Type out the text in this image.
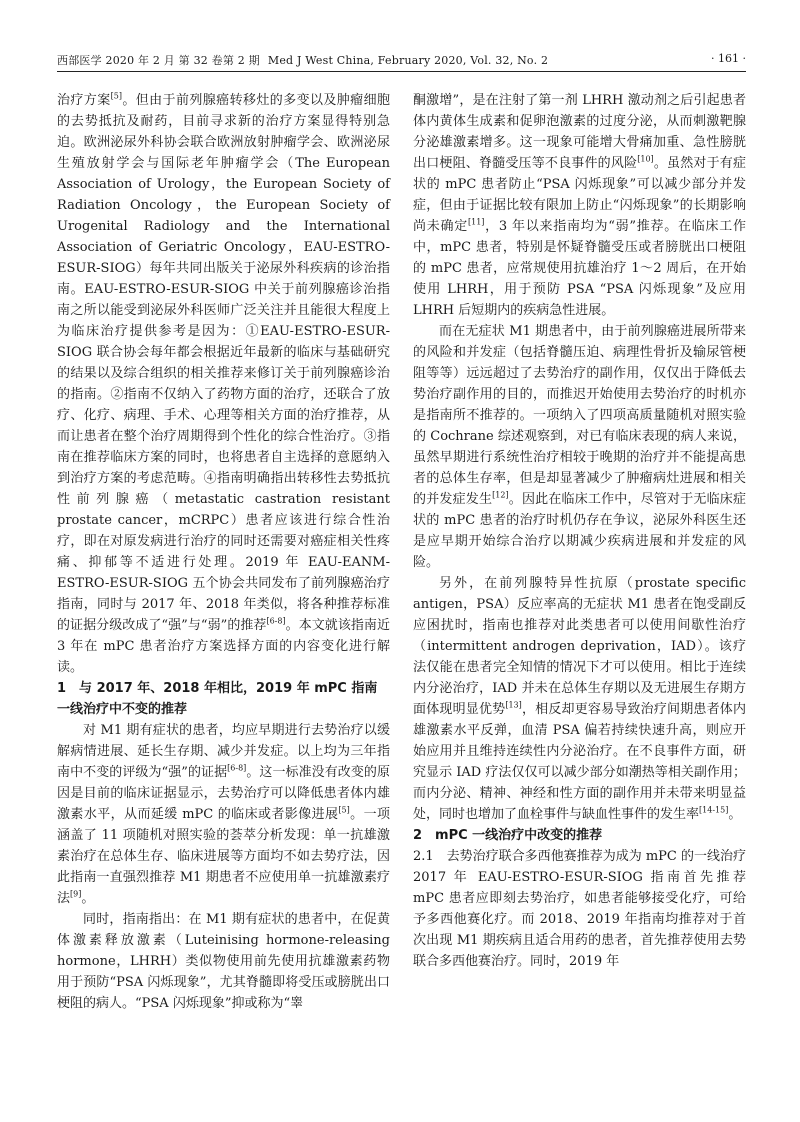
西部医学 2020 年 2 月 第 32 卷第 2 期 Med J West China, February 2020, Vol. 32, No. 2	· 161 ·

治疗方案[5]。但由于前列腺癌转移灶的多变以及肿瘤细胞的去势抵抗及耐药，目前寻求新的治疗方案显得特别急迫。欧洲泌尿外科协会联合欧洲放射肿瘤学会、欧洲泌尿生殖放射学会与国际老年肿瘤学会（The European Association of Urology，the European Society of Radiation Oncology，the European Society of Urogenital Radiology and the International Association of Geriatric Oncology，EAU-ESTRO-ESUR-SIOG）每年共同出版关于泌尿外科疾病的诊治指南。EAU-ESTRO-ESUR-SIOG 中关于前列腺癌诊治指南之所以能受到泌尿外科医师广泛关注并且能很大程度上为临床治疗提供参考是因为：①EAU-ESTRO-ESUR-SIOG 联合协会每年都会根据近年最新的临床与基础研究的结果以及综合组织的相关推荐来修订关于前列腺癌诊治的指南。②指南不仅纳入了药物方面的治疗，还联合了放疗、化疗、病理、手术、心理等相关方面的治疗推荐，从而让患者在整个治疗周期得到个性化的综合性治疗。③指南在推荐临床方案的同时，也将患者自主选择的意愿纳入到治疗方案的考虑范畴。④指南明确指出转移性去势抵抗性前列腺癌（metastatic castration resistant prostate cancer，mCRPC）患者应该进行综合性治疗，即在对原发病进行治疗的同时还需要对癌症相关性疼痛、抑郁等不适进行处理。2019 年 EAU-EANM-ESTRO-ESUR-SIOG 五个协会共同发布了前列腺癌治疗指南，同时与 2017 年、2018 年类似，将各种推荐标准的证据分级改成了“强”与“弱”的推荐[6-8]。本文就该指南近 3 年在 mPC 患者治疗方案选择方面的内容变化进行解读。

1　与 2017 年、2018 年相比，2019 年 mPC 指南一线治疗中不变的推荐

对 M1 期有症状的患者，均应早期进行去势治疗以缓解病情进展、延长生存期、减少并发症。以上均为三年指南中不变的评级为“强”的证据[6-8]。这一标准没有改变的原因是目前的临床证据显示，去势治疗可以降低患者体内雄激素水平，从而延缓 mPC 的临床或者影像进展[5]。一项涵盖了 11 项随机对照实验的荟萃分析发现：单一抗雄激素治疗在总体生存、临床进展等方面均不如去势疗法，因此指南一直强烈推荐 M1 期患者不应使用单一抗雄激素疗法[9]。

同时，指南指出：在 M1 期有症状的患者中，在促黄体激素释放激素（Luteinising hormone-releasing hormone，LHRH）类似物使用前先使用抗雄激素药物用于预防“PSA 闪烁现象”，尤其脊髓即将受压或膀胱出口梗阻的病人。“PSA 闪烁现象”抑或称为“睾

酮激增”，是在注射了第一剂 LHRH 激动剂之后引起患者体内黄体生成素和促卵泡激素的过度分泌，从而刺激靶腺分泌雄激素增多。这一现象可能增大骨痛加重、急性膀胱出口梗阻、脊髓受压等不良事件的风险[10]。虽然对于有症状的 mPC 患者防止“PSA 闪烁现象”可以减少部分并发症，但由于证据比较有限加上防止“闪烁现象”的长期影响尚未确定[11]，3 年以来指南均为“弱”推荐。在临床工作中，mPC 患者，特别是怀疑脊髓受压或者膀胱出口梗阻的 mPC 患者，应常规使用抗雄治疗 1～2 周后，在开始使用 LHRH，用于预防 PSA “PSA 闪烁现象”及应用 LHRH 后短期内的疾病急性进展。

而在无症状 M1 期患者中，由于前列腺癌进展所带来的风险和并发症（包括脊髓压迫、病理性骨折及输尿管梗阻等等）远远超过了去势治疗的副作用，仅仅出于降低去势治疗副作用的目的，而推迟开始使用去势治疗的时机亦是指南所不推荐的。一项纳入了四项高质量随机对照实验的 Cochrane 综述观察到，对已有临床表现的病人来说，虽然早期进行系统性治疗相较于晚期的治疗并不能提高患者的总体生存率，但是却显著减少了肿瘤病灶进展和相关的并发症发生[12]。因此在临床工作中，尽管对于无临床症状的 mPC 患者的治疗时机仍存在争议，泌尿外科医生还是应早期开始综合治疗以期减少疾病进展和并发症的风险。

另外，在前列腺特异性抗原（prostate specific antigen，PSA）反应率高的无症状 M1 患者在饱受副反应困扰时，指南也推荐对此类患者可以使用间歇性治疗（intermittent androgen deprivation，IAD）。该疗法仅能在患者完全知情的情况下才可以使用。相比于连续内分泌治疗，IAD 并未在总体生存期以及无进展生存期方面体现明显优势[13]，相反却更容易导致治疗间期患者体内雄激素水平反弹，血清 PSA 偏若持续快速升高，则应开始应用并且维持连续性内分泌治疗。在不良事件方面，研究显示 IAD 疗法仅仅可以减少部分如潮热等相关副作用；而内分泌、精神、神经和性方面的副作用并未带来明显益处，同时也增加了血栓事件与缺血性事件的发生率[14-15]。

2　mPC 一线治疗中改变的推荐

2.1　去势治疗联合多西他赛推荐为成为 mPC 的一线治疗　2017 年 EAU-ESTRO-ESUR-SIOG 指南首先推荐 mPC 患者应即刻去势治疗，如患者能够接受化疗，可给予多西他赛化疗。而 2018、2019 年指南均推荐对于首次出现 M1 期疾病且适合用药的患者，首先推荐使用去势联合多西他赛治疗。同时，2019 年
